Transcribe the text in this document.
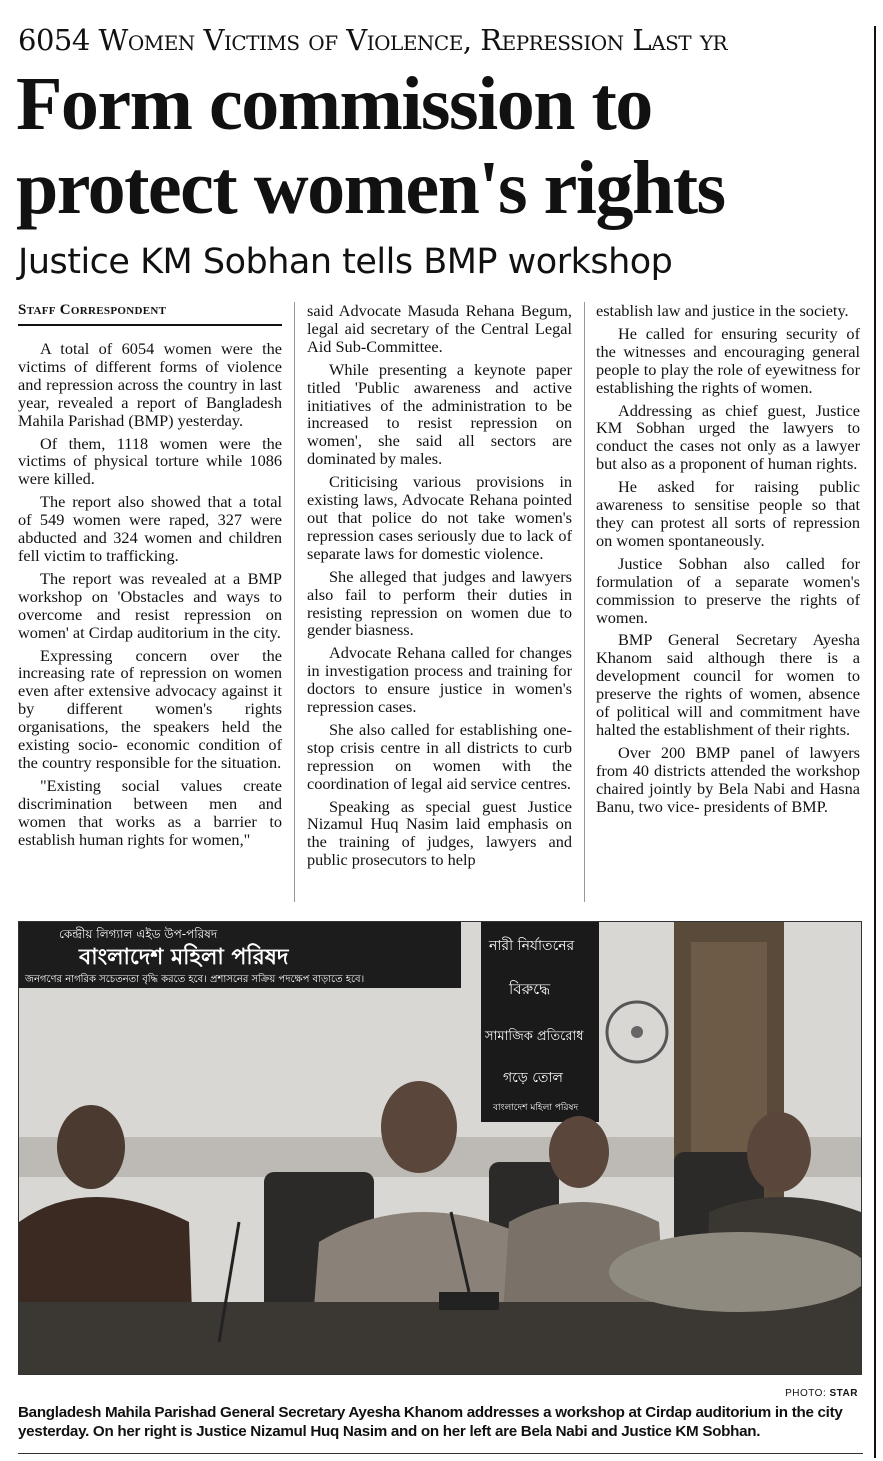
6054 Women Victims of Violence, Repression Last yr
Form commission to
protect women's rights
Justice KM Sobhan tells BMP workshop
Staff Correspondent

A total of 6054 women were the victims of different forms of violence and repression across the country in last year, revealed a report of Bangladesh Mahila Parishad (BMP) yesterday.

Of them, 1118 women were the victims of physical torture while 1086 were killed.

The report also showed that a total of 549 women were raped, 327 were abducted and 324 women and children fell victim to trafficking.

The report was revealed at a BMP workshop on 'Obstacles and ways to overcome and resist repression on women' at Cirdap auditorium in the city.

Expressing concern over the increasing rate of repression on women even after extensive advocacy against it by different women's rights organisations, the speakers held the existing socio- economic condition of the country responsible for the situation.

"Existing social values create discrimination between men and women that works as a barrier to establish human rights for women,"

said Advocate Masuda Rehana Begum, legal aid secretary of the Central Legal Aid Sub-Committee.

While presenting a keynote paper titled 'Public awareness and active initiatives of the administration to be increased to resist repression on women', she said all sectors are dominated by males.

Criticising various provisions in existing laws, Advocate Rehana pointed out that police do not take women's repression cases seriously due to lack of separate laws for domestic violence.

She alleged that judges and lawyers also fail to perform their duties in resisting repression on women due to gender biasness.

Advocate Rehana called for changes in investigation process and training for doctors to ensure justice in women's repression cases.

She also called for establishing one-stop crisis centre in all districts to curb repression on women with the coordination of legal aid service centres.

Speaking as special guest Justice Nizamul Huq Nasim laid emphasis on the training of judges, lawyers and public prosecutors to help

establish law and justice in the society.

He called for ensuring security of the witnesses and encouraging general people to play the role of eyewitness for establishing the rights of women.

Addressing as chief guest, Justice KM Sobhan urged the lawyers to conduct the cases not only as a lawyer but also as a proponent of human rights.

He asked for raising public awareness to sensitise people so that they can protest all sorts of repression on women spontaneously.

Justice Sobhan also called for formulation of a separate women's commission to preserve the rights of women.

BMP General Secretary Ayesha Khanom said although there is a development council for women to preserve the rights of women, absence of political will and commitment have halted the establishment of their rights.

Over 200 BMP panel of lawyers from 40 districts attended the workshop chaired jointly by Bela Nabi and Hasna Banu, two vice- presidents of BMP.

কেন্দ্রীয় লিগ্যাল এইড উপ-পরিষদ
বাংলাদেশ মহিলা পরিষদ
জনগণের নাগরিক সচেতনতা বৃদ্ধি করতে হবে। প্রশাসনের সক্রিয় পদক্ষেপ বাড়াতে হবে।
নারী নির্যাতনের
বিরুদ্ধে
সামাজিক প্রতিরোধ
গড়ে তোল
বাংলাদেশ মহিলা পরিষদ
PHOTO: STAR
Bangladesh Mahila Parishad General Secretary Ayesha Khanom addresses a workshop at Cirdap auditorium in the city yesterday. On her right is Justice Nizamul Huq Nasim and on her left are Bela Nabi and Justice KM Sobhan.
